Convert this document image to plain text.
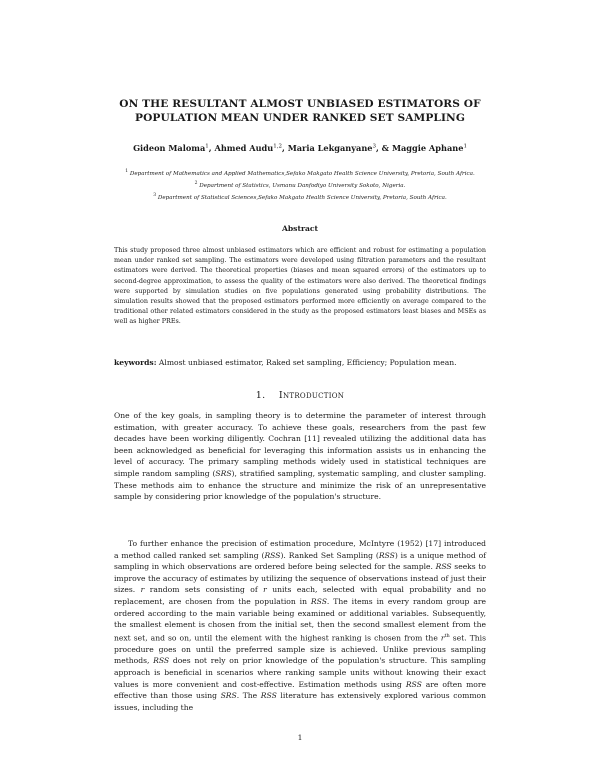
ON THE RESULTANT ALMOST UNBIASED ESTIMATORS OF
POPULATION MEAN UNDER RANKED SET SAMPLING
Gideon Maloma$^1$, Ahmed Audu$^{1,2}$, Maria Lekganyane$^3$, & Maggie Aphane$^1$
$^1$ Department of Mathematics and Applied Mathematics,Sefako Makgato Health Science University, Pretoria, South Africa.
$^2$ Department of Statistics, Usmanu Danfodiyo University Sokoto, Nigeria.
$^3$ Department of Statistical Sciences,Sefako Makgato Health Science University, Pretoria, South Africa.
Abstract
This study proposed three almost unbiased estimators which are efficient and robust for estimating a population mean under ranked set sampling. The estimators were developed using filtration parameters and the resultant estimators were derived. The theoretical properties (biases and mean squared errors) of the estimators up to second-degree approximation, to assess the quality of the estimators were also derived. The theoretical findings were supported by simulation studies on five populations generated using probability distributions. The simulation results showed that the proposed estimators performed more efficiently on average compared to the traditional other related estimators considered in the study as the proposed estimators least biases and MSEs as well as higher PREs.
keywords: Almost unbiased estimator, Raked set sampling, Efficiency; Population mean.
1. Introduction
One of the key goals, in sampling theory is to determine the parameter of interest through estimation, with greater accuracy. To achieve these goals, researchers from the past few decades have been working diligently. Cochran [11] revealed utilizing the additional data has been acknowledged as beneficial for leveraging this information assists us in enhancing the level of accuracy. The primary sampling methods widely used in statistical techniques are simple random sampling (SRS), stratified sampling, systematic sampling, and cluster sampling. These methods aim to enhance the structure and minimize the risk of an unrepresentative sample by considering prior knowledge of the population's structure.
To further enhance the precision of estimation procedure, McIntyre (1952) [17] introduced a method called ranked set sampling (RSS). Ranked Set Sampling (RSS) is a unique method of sampling in which observations are ordered before being selected for the sample. RSS seeks to improve the accuracy of estimates by utilizing the sequence of observations instead of just their sizes. r random sets consisting of r units each, selected with equal probability and no replacement, are chosen from the population in RSS. The items in every random group are ordered according to the main variable being examined or additional variables. Subsequently, the smallest element is chosen from the initial set, then the second smallest element from the next set, and so on, until the element with the highest ranking is chosen from the $r^{th}$ set. This procedure goes on until the preferred sample size is achieved. Unlike previous sampling methods, RSS does not rely on prior knowledge of the population's structure. This sampling approach is beneficial in scenarios where ranking sample units without knowing their exact values is more convenient and cost-effective. Estimation methods using RSS are often more effective than those using SRS. The RSS literature has extensively explored various common issues, including the
1
